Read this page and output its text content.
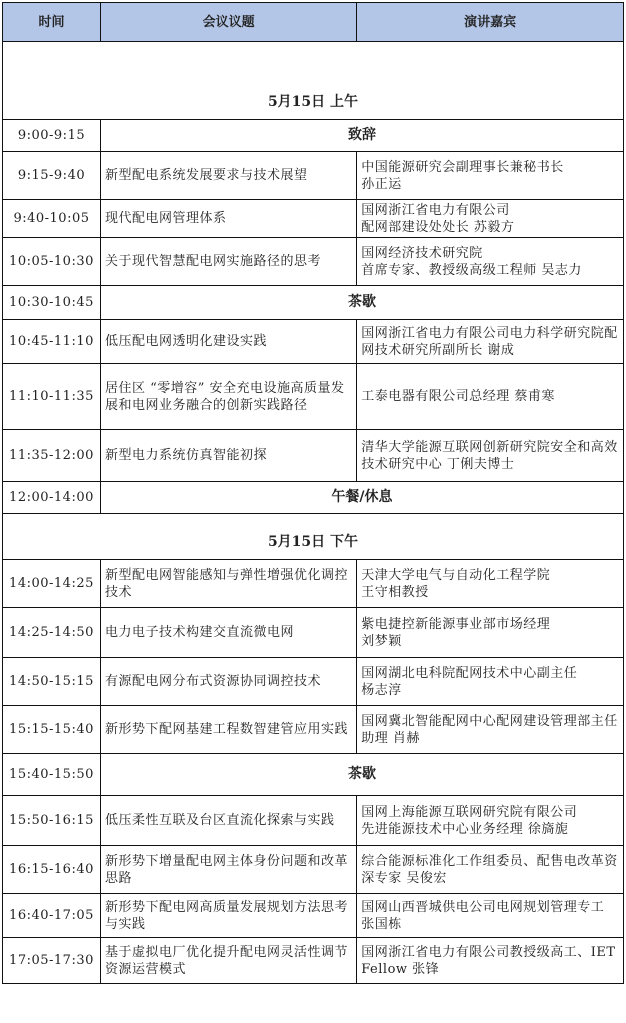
时间	会议议题	演讲嘉宾
5月15日 上午		
9:00-9:15	致辞	
9:15-9:40	新型配电系统发展要求与技术展望	中国能源研究会副理事长兼秘书长
孙正运

9:40-10:05	现代配电网管理体系	国网浙江省电力有限公司
配网部建设处处长 苏毅方

10:05-10:30	关于现代智慧配电网实施路径的思考	国网经济技术研究院
首席专家、教授级高级工程师 吴志力

10:30-10:45	茶歇	
10:45-11:10	低压配电网透明化建设实践	国网浙江省电力有限公司电力科学研究院配网技术研究所副所长 谢成

11:10-11:35	居住区 “零增容” 安全充电设施高质量发展和电网业务融合的创新实践路径	工泰电器有限公司总经理 蔡甫寒

11:35-12:00	新型电力系统仿真智能初探	清华大学能源互联网创新研究院安全和高效技术研究中心 丁俐夫博士

12:00-14:00	午餐/休息	
5月15日 下午		
14:00-14:25	新型配电网智能感知与弹性增强优化调控技术	天津大学电气与自动化工程学院
王守相教授

14:25-14:50	电力电子技术构建交直流微电网	紫电捷控新能源事业部市场经理
刘梦颖

14:50-15:15	有源配电网分布式资源协同调控技术	国网湖北电科院配网技术中心副主任
杨志淳

15:15-15:40	新形势下配网基建工程数智建管应用实践	国网冀北智能配网中心配网建设管理部主任助理 肖赫

15:40-15:50	茶歇	
15:50-16:15	低压柔性互联及台区直流化探索与实践	国网上海能源互联网研究院有限公司
先进能源技术中心业务经理 徐旖旎

16:15-16:40	新形势下增量配电网主体身份问题和改革思路	综合能源标准化工作组委员、配售电改革资深专家 吴俊宏

16:40-17:05	新形势下配电网高质量发展规划方法思考与实践	国网山西晋城供电公司电网规划管理专工 张国栋

17:05-17:30	基于虚拟电厂优化提升配电网灵活性调节资源运营模式	国网浙江省电力有限公司教授级高工、IET Fellow 张锋
